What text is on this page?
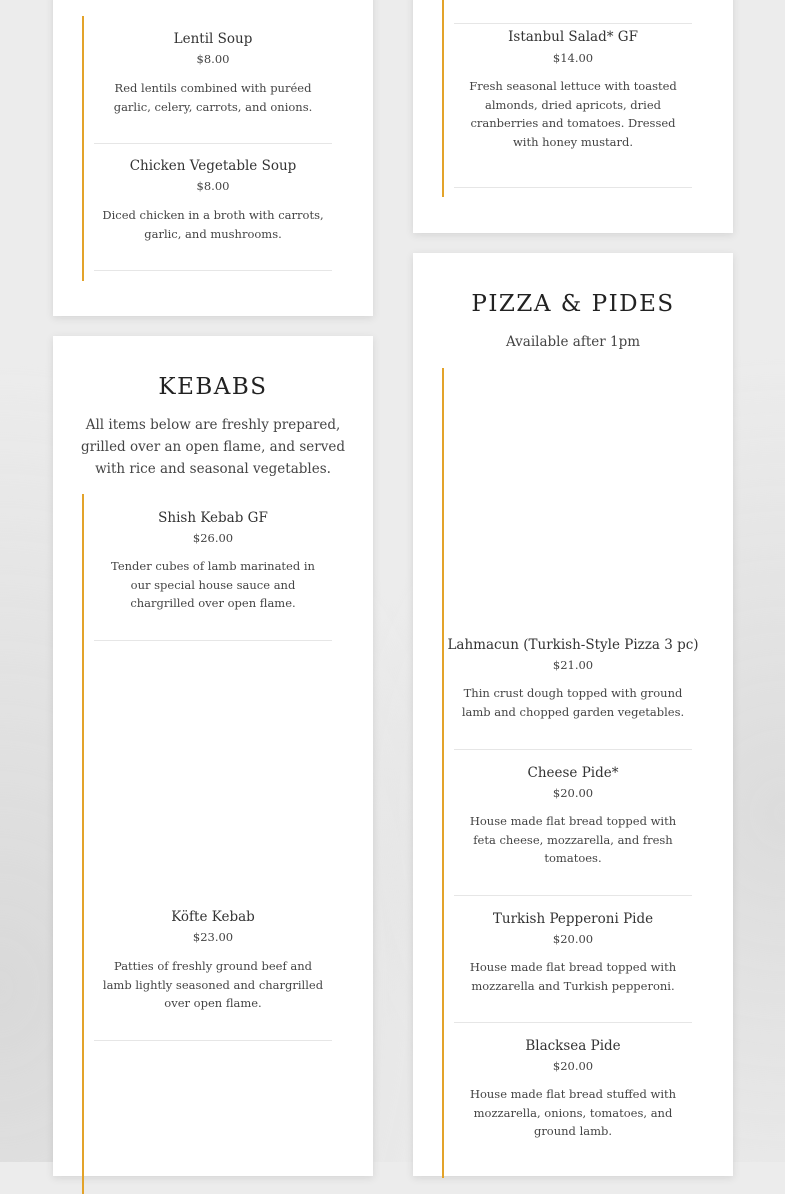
Lentil Soup
$8.00
Red lentils combined with puréed garlic, celery, carrots, and onions.
Chicken Vegetable Soup
$8.00
Diced chicken in a broth with carrots, garlic, and mushrooms.
Istanbul Salad* GF
$14.00
Fresh seasonal lettuce with toasted almonds, dried apricots, dried cranberries and tomatoes. Dressed with honey mustard.
KEBABS
All items below are freshly prepared, grilled over an open flame, and served with rice and seasonal vegetables.
Shish Kebab GF
$26.00
Tender cubes of lamb marinated in our special house sauce and chargrilled over open flame.
Köfte Kebab
$23.00
Patties of freshly ground beef and lamb lightly seasoned and chargrilled over open flame.
PIZZA & PIDES
Available after 1pm
Lahmacun (Turkish-Style Pizza 3 pc)
$21.00
Thin crust dough topped with ground lamb and chopped garden vegetables.
Cheese Pide*
$20.00
House made flat bread topped with feta cheese, mozzarella, and fresh tomatoes.
Turkish Pepperoni Pide
$20.00
House made flat bread topped with mozzarella and Turkish pepperoni.
Blacksea Pide
$20.00
House made flat bread stuffed with mozzarella, onions, tomatoes, and ground lamb.
